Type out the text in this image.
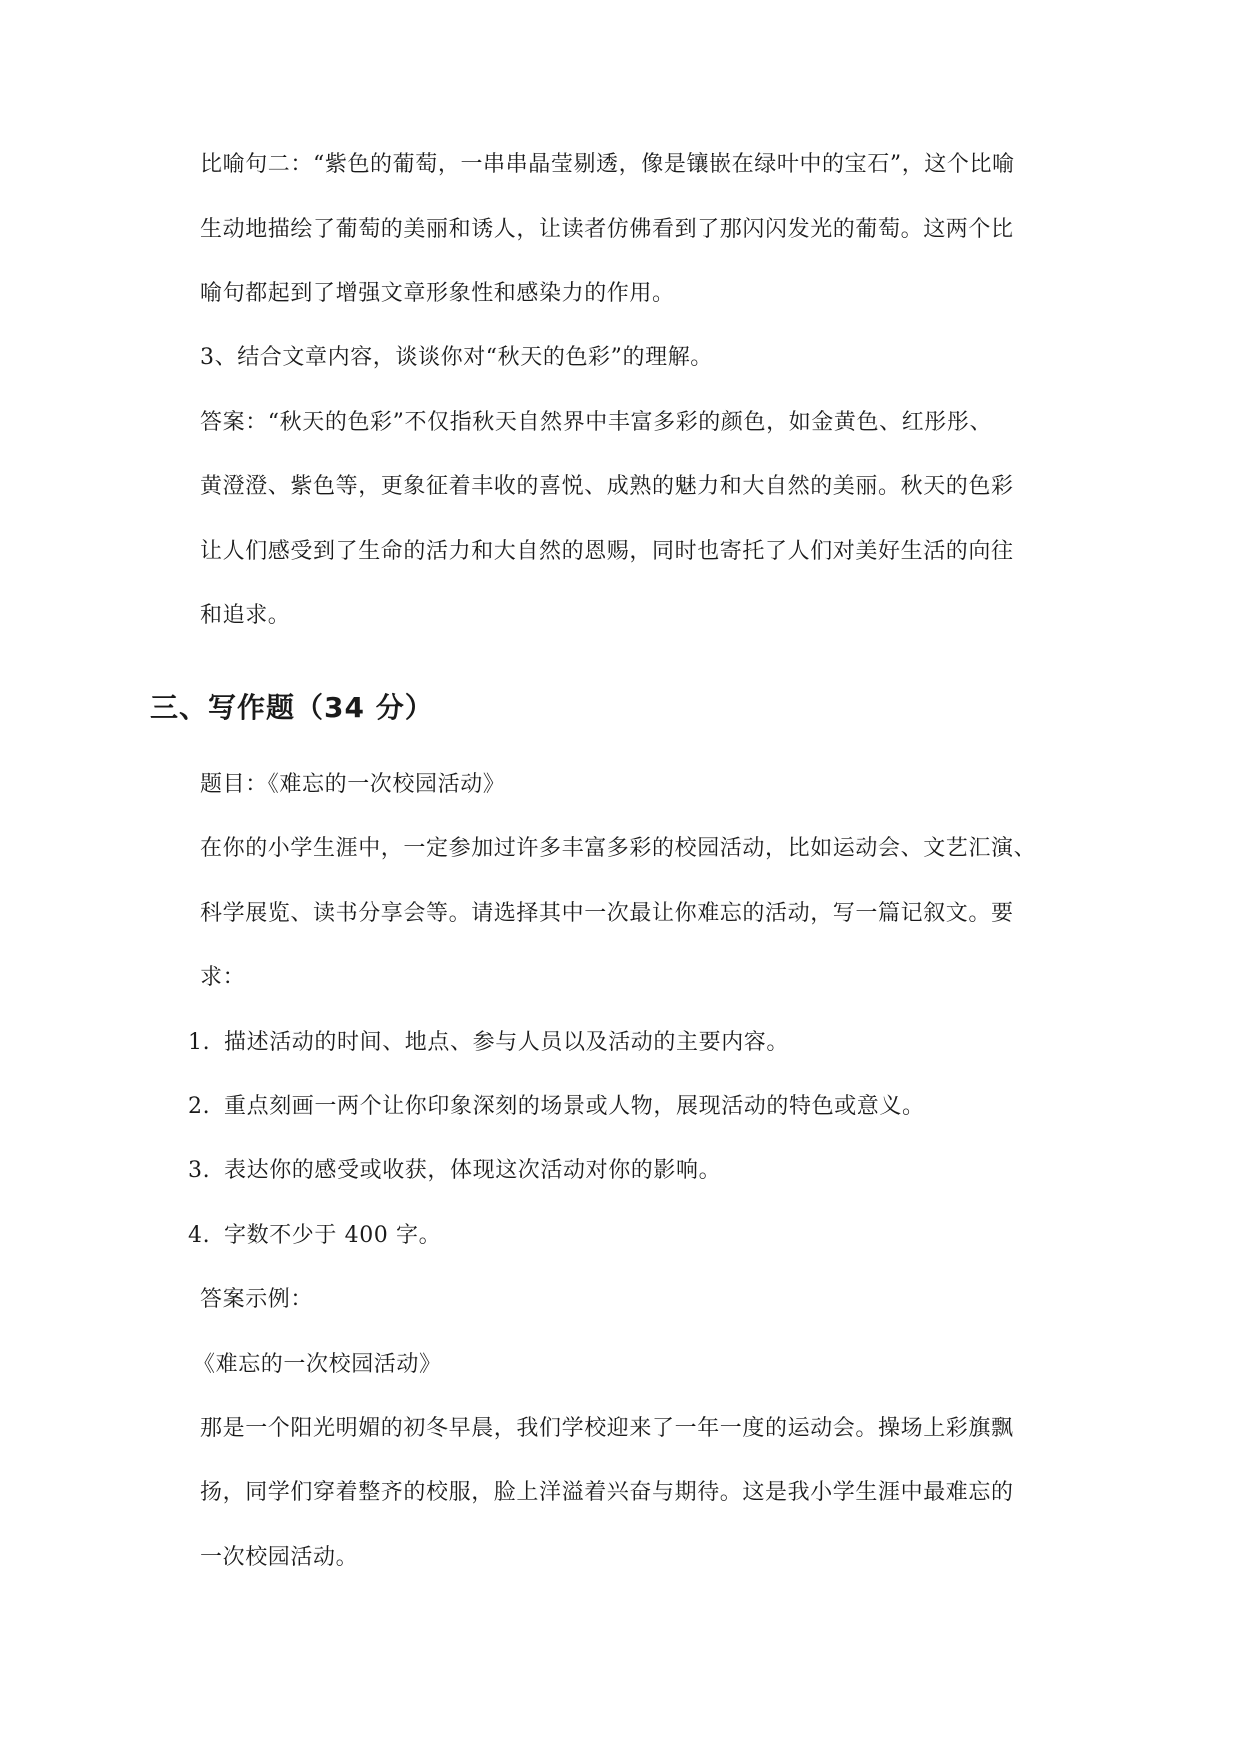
比喻句二：“紫色的葡萄，一串串晶莹剔透，像是镶嵌在绿叶中的宝石”，这个比喻
生动地描绘了葡萄的美丽和诱人，让读者仿佛看到了那闪闪发光的葡萄。这两个比
喻句都起到了增强文章形象性和感染力的作用。
3、结合文章内容，谈谈你对“秋天的色彩”的理解。
答案：“秋天的色彩”不仅指秋天自然界中丰富多彩的颜色，如金黄色、红彤彤、
黄澄澄、紫色等，更象征着丰收的喜悦、成熟的魅力和大自然的美丽。秋天的色彩
让人们感受到了生命的活力和大自然的恩赐，同时也寄托了人们对美好生活的向往
和追求。
三、写作题（34 分）
题目：《难忘的一次校园活动》
在你的小学生涯中，一定参加过许多丰富多彩的校园活动，比如运动会、文艺汇演、
科学展览、读书分享会等。请选择其中一次最让你难忘的活动，写一篇记叙文。要
求：
1. 描述活动的时间、地点、参与人员以及活动的主要内容。
2. 重点刻画一两个让你印象深刻的场景或人物，展现活动的特色或意义。
3. 表达你的感受或收获，体现这次活动对你的影响。
4. 字数不少于 400 字。
答案示例：
《难忘的一次校园活动》
那是一个阳光明媚的初冬早晨，我们学校迎来了一年一度的运动会。操场上彩旗飘
扬，同学们穿着整齐的校服，脸上洋溢着兴奋与期待。这是我小学生涯中最难忘的
一次校园活动。
